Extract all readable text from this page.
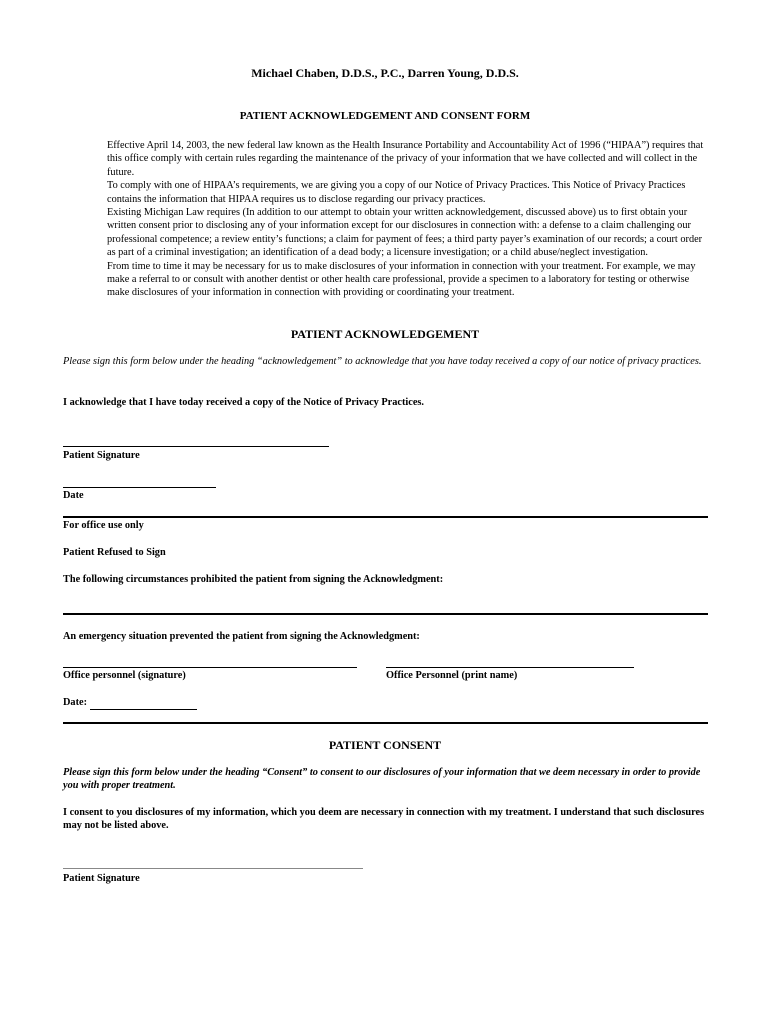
Michael Chaben, D.D.S., P.C., Darren Young, D.D.S.
PATIENT ACKNOWLEDGEMENT AND CONSENT FORM

Effective April 14, 2003, the new federal law known as the Health Insurance Portability and Accountability Act of 1996 (“HIPAA”) requires that this office comply with certain rules regarding the maintenance of the privacy of your information that we have collected and will collect in the future.

To comply with one of HIPAA’s requirements, we are giving you a copy of our Notice of Privacy Practices. This Notice of Privacy Practices contains the information that HIPAA requires us to disclose regarding our privacy practices.

Existing Michigan Law requires (In addition to our attempt to obtain your written acknowledgement, discussed above) us to first obtain your written consent prior to disclosing any of your information except for our disclosures in connection with: a defense to a claim challenging our professional competence; a review entity’s functions; a claim for payment of fees; a third party payer’s examination of our records; a court order as part of a criminal investigation; an identification of a dead body; a licensure investigation; or a child abuse/neglect investigation.

From time to time it may be necessary for us to make disclosures of your information in connection with your treatment. For example, we may make a referral to or consult with another dentist or other health care professional, provide a specimen to a laboratory for testing or otherwise make disclosures of your information in connection with providing or coordinating your treatment.

PATIENT ACKNOWLEDGEMENT
Please sign this form below under the heading “acknowledgement” to acknowledge that you have today received a copy of our notice of privacy practices.
I acknowledge that I have today received a copy of the Notice of Privacy Practices.
Patient Signature
Date
For office use only
Patient Refused to Sign
The following circumstances prohibited the patient from signing the Acknowledgment:
An emergency situation prevented the patient from signing the Acknowledgment:
Office personnel (signature)	Office Personnel (print name)
Date:
PATIENT CONSENT
Please sign this form below under the heading “Consent” to consent to our disclosures of your information that we deem necessary in order to provide you with proper treatment.
I consent to you disclosures of my information, which you deem are necessary in connection with my treatment. I understand that such disclosures may not be listed above.
Patient Signature
